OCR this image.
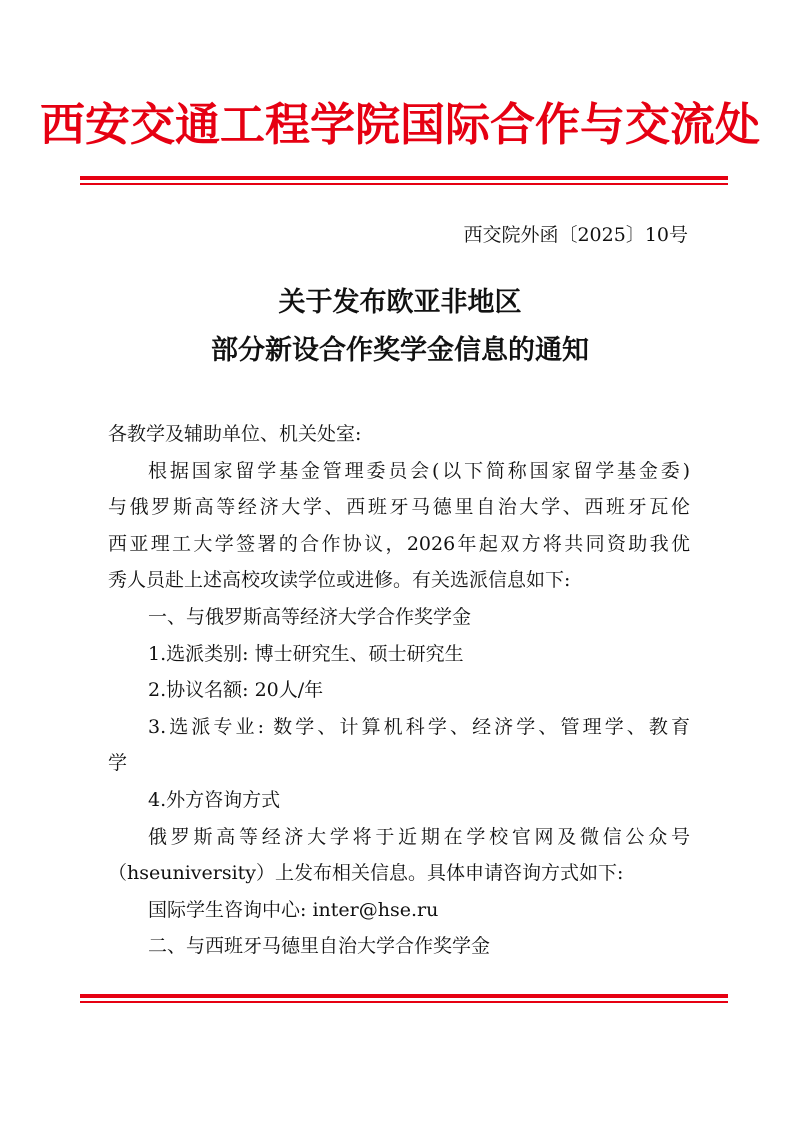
西安交通工程学院国际合作与交流处
西交院外函〔2025〕10号
关于发布欧亚非地区
部分新设合作奖学金信息的通知
各教学及辅助单位、机关处室:
根据国家留学基金管理委员会(以下简称国家留学基金委)
与俄罗斯高等经济大学、西班牙马德里自治大学、西班牙瓦伦
西亚理工大学签署的合作协议，2026年起双方将共同资助我优
秀人员赴上述高校攻读学位或进修。有关选派信息如下:
一、与俄罗斯高等经济大学合作奖学金
1.选派类别: 博士研究生、硕士研究生
2.协议名额: 20人/年
3.选派专业: 数学、计算机科学、经济学、管理学、教育
学
4.外方咨询方式
俄罗斯高等经济大学将于近期在学校官网及微信公众号
（hseuniversity）上发布相关信息。具体申请咨询方式如下:
国际学生咨询中心: inter@hse.ru
二、与西班牙马德里自治大学合作奖学金
